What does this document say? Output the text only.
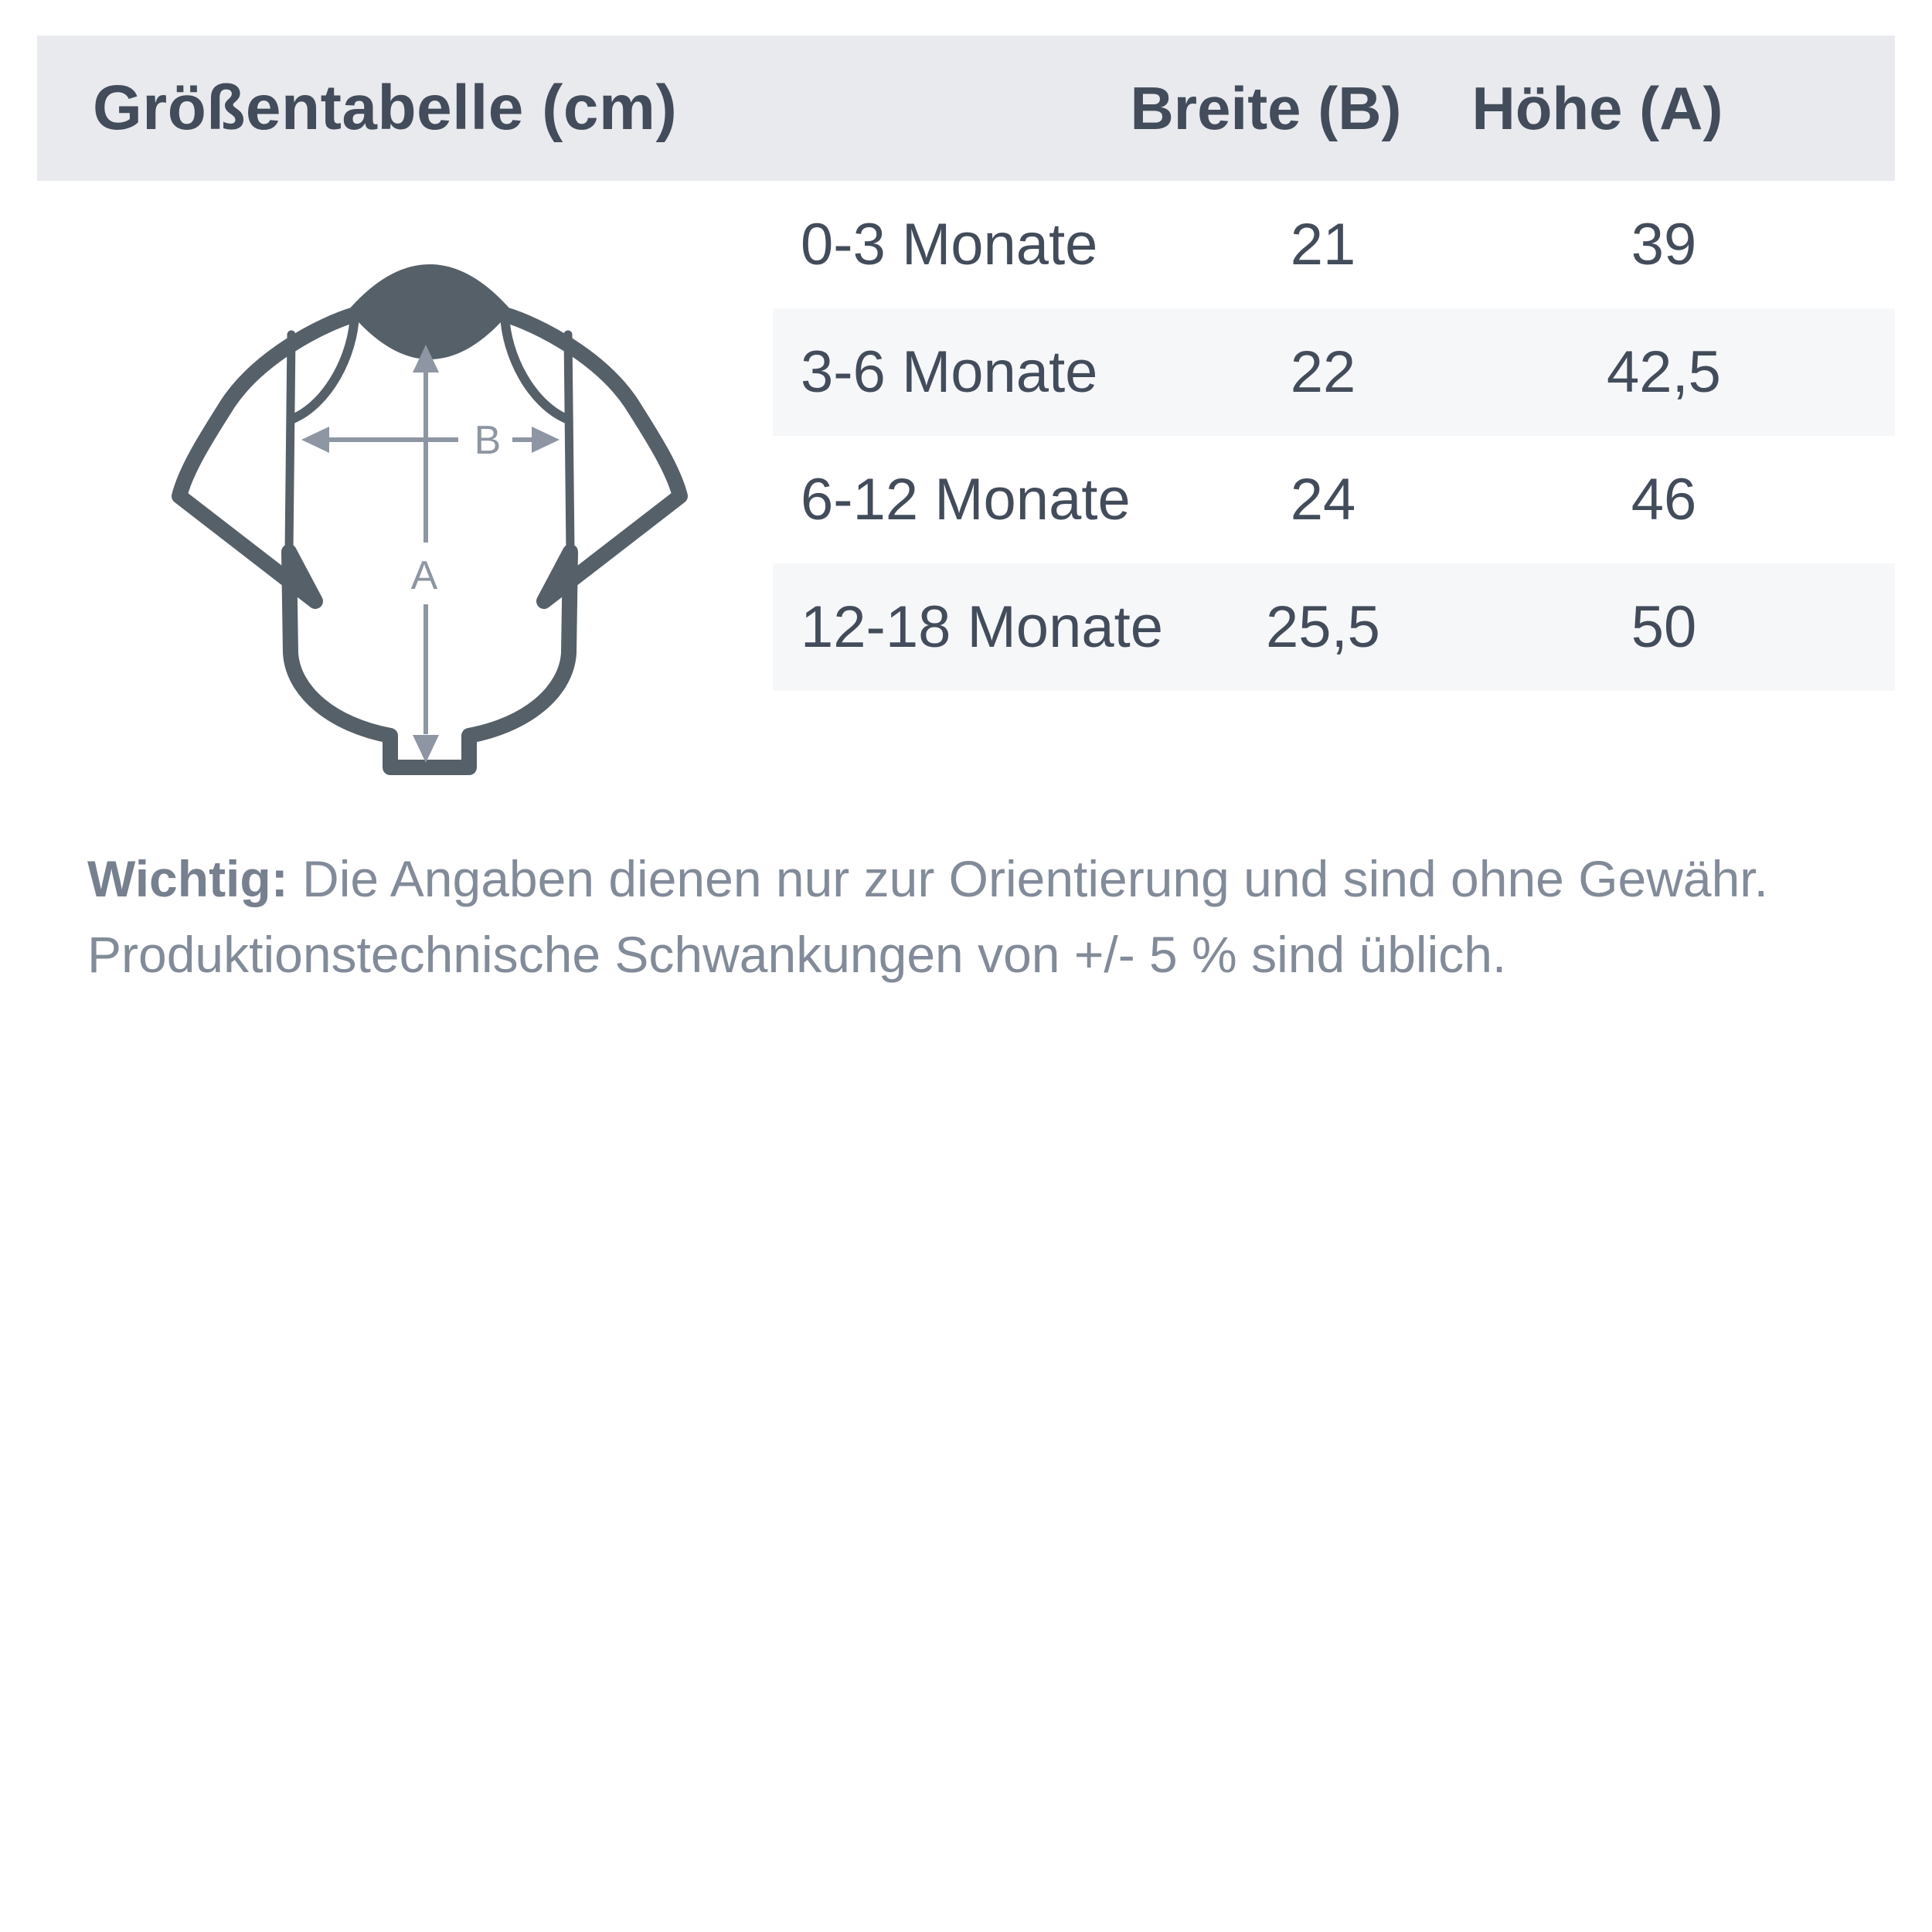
Größentabelle (cm)	Breite (B) Höhe (A)
A
B
0-3 Monate	21	39
3-6 Monate	22	42,5
6-12 Monate	24	46
12-18 Monate	25,5	50
Wichtig: Die Angaben dienen nur zur Orientierung und sind ohne Gewähr.
Produktionstechnische Schwankungen von +/- 5 % sind üblich.
